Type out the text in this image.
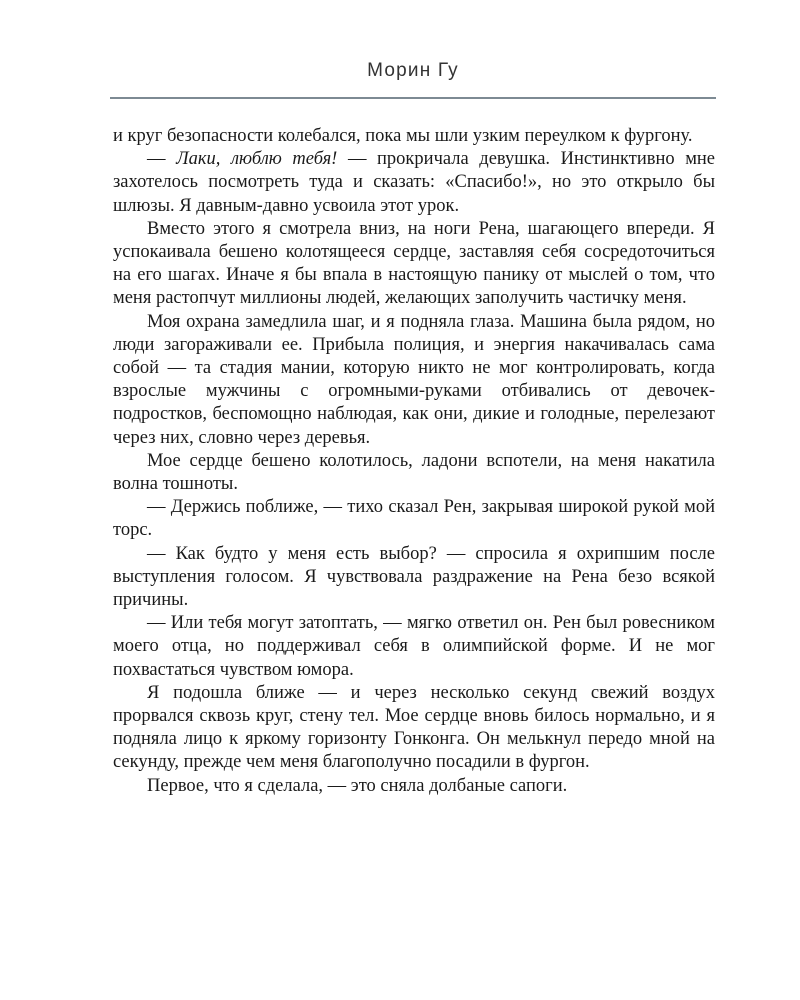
Морин Гу

и круг безопасности колебался, пока мы шли узким переулком к фургону.

— Лаки, люблю тебя! — прокричала девушка. Инстинктивно мне захотелось посмотреть туда и сказать: «Спасибо!», но это открыло бы шлюзы. Я давным-давно усвоила этот урок.

Вместо этого я смотрела вниз, на ноги Рена, шагающего впереди. Я успокаивала бешено колотящееся сердце, заставляя себя сосредоточиться на его шагах. Иначе я бы впала в настоящую панику от мыслей о том, что меня растопчут миллионы людей, желающих заполучить частичку меня.

Моя охрана замедлила шаг, и я подняла глаза. Машина была рядом, но люди загораживали ее. Прибыла полиция, и энергия накачивалась сама собой — та стадия мании, которую никто не мог контролировать, когда взрослые мужчины с огромными-руками отбивались от девочек-подростков, беспомощно наблюдая, как они, дикие и голодные, перелезают через них, словно через деревья.

Мое сердце бешено колотилось, ладони вспотели, на меня накатила волна тошноты.

— Держись поближе, — тихо сказал Рен, закрывая широкой рукой мой торс.

— Как будто у меня есть выбор? — спросила я охрипшим после выступления голосом. Я чувствовала раздражение на Рена безо всякой причины.

— Или тебя могут затоптать, — мягко ответил он. Рен был ровесником моего отца, но поддерживал себя в олимпийской форме. И не мог похвастаться чувством юмора.

Я подошла ближе — и через несколько секунд свежий воздух прорвался сквозь круг, стену тел. Мое сердце вновь билось нормально, и я подняла лицо к яркому горизонту Гонконга. Он мелькнул передо мной на секунду, прежде чем меня благополучно посадили в фургон.

Первое, что я сделала, — это сняла долбаные сапоги.
